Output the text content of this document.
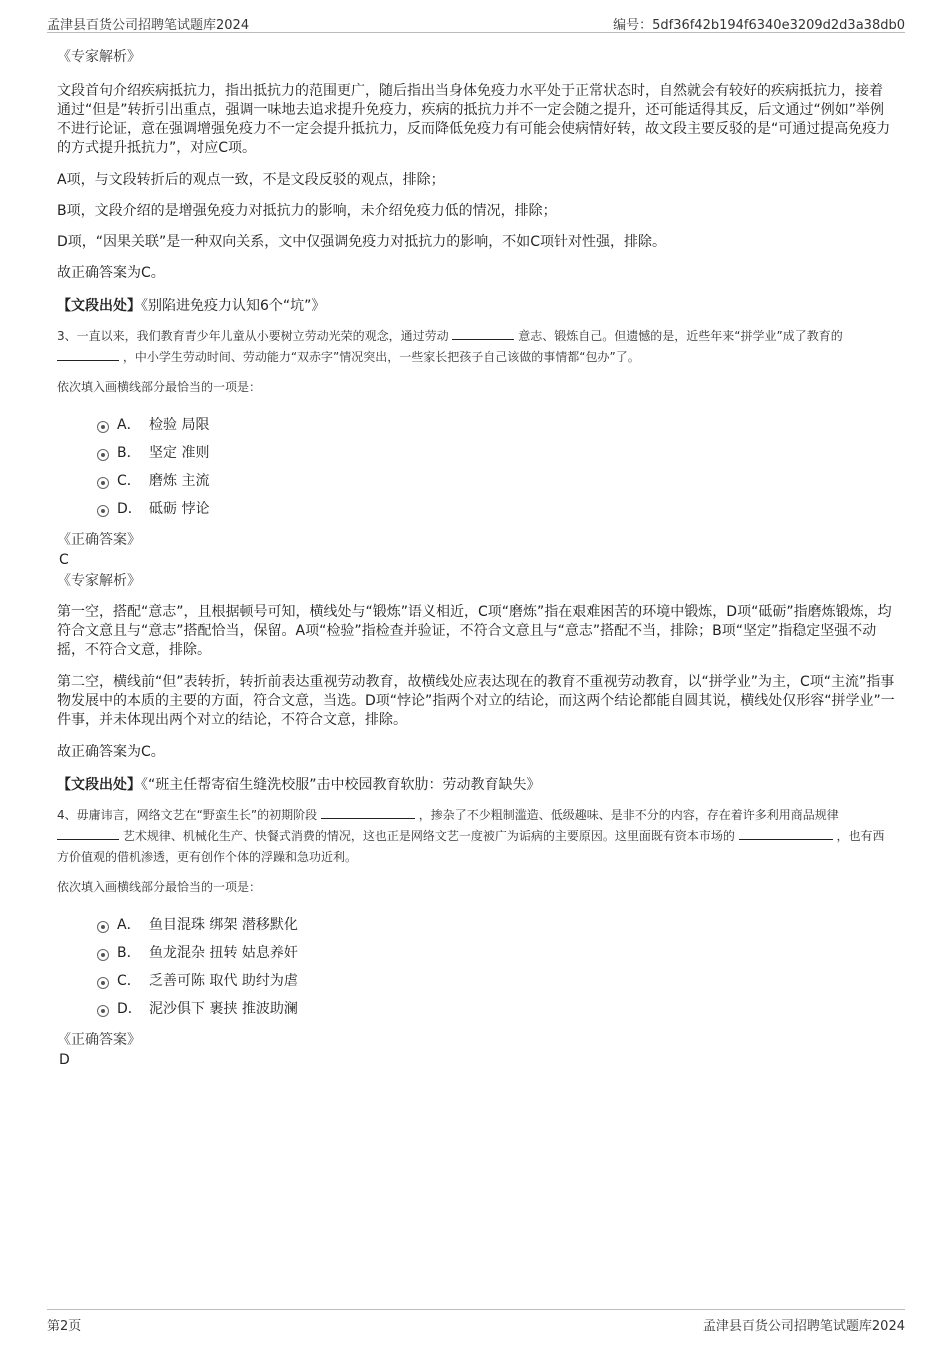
孟津县百货公司招聘笔试题库2024	编号：5df36f42b194f6340e3209d2d3a38db0

《专家解析》

文段首句介绍疾病抵抗力，指出抵抗力的范围更广，随后指出当身体免疫力水平处于正常状态时，自然就会有较好的疾病抵抗力，接着通过“但是”转折引出重点，强调一味地去追求提升免疫力，疾病的抵抗力并不一定会随之提升，还可能适得其反，后文通过“例如”举例不进行论证，意在强调增强免疫力不一定会提升抵抗力，反而降低免疫力有可能会使病情好转，故文段主要反驳的是“可通过提高免疫力的方式提升抵抗力”，对应C项。

A项，与文段转折后的观点一致，不是文段反驳的观点，排除；

B项，文段介绍的是增强免疫力对抵抗力的影响，未介绍免疫力低的情况，排除；

D项，“因果关联”是一种双向关系，文中仅强调免疫力对抵抗力的影响，不如C项针对性强，排除。

故正确答案为C。

【文段出处】《别陷进免疫力认知6个“坑”》

3、一直以来，我们教育青少年儿童从小要树立劳动光荣的观念，通过劳动	意志、锻炼自己。但遗憾的是，近些年来“拼学业”成了教育的  ，中小学生劳动时间、劳动能力“双赤字”情况突出，一些家长把孩子自己该做的事情都“包办”了。

依次填入画横线部分最恰当的一项是：

A． 检验 局限
B． 坚定 准则
C． 磨炼 主流
D． 砥砺 悖论

《正确答案》

C

《专家解析》

第一空，搭配“意志”，且根据顿号可知，横线处与“锻炼”语义相近，C项“磨炼”指在艰难困苦的环境中锻炼，D项“砥砺”指磨炼锻炼，均符合文意且与“意志”搭配恰当，保留。A项“检验”指检查并验证，不符合文意且与“意志”搭配不当，排除；B项“坚定”指稳定坚强不动摇，不符合文意，排除。

第二空，横线前“但”表转折，转折前表达重视劳动教育，故横线处应表达现在的教育不重视劳动教育，以“拼学业”为主，C项“主流”指事物发展中的本质的主要的方面，符合文意，当选。D项“悖论”指两个对立的结论，而这两个结论都能自圆其说，横线处仅形容“拼学业”一件事，并未体现出两个对立的结论，不符合文意，排除。

故正确答案为C。

【文段出处】《“班主任帮寄宿生缝洗校服”击中校园教育软肋：劳动教育缺失》

4、毋庸讳言，网络文艺在“野蛮生长”的初期阶段	，掺杂了不少粗制滥造、低级趣味、是非不分的内容，存在着许多利用商品规律  艺术规律、机械化生产、快餐式消费的情况，这也正是网络文艺一度被广为诟病的主要原因。这里面既有资本市场的	，也有西方价值观的借机渗透，更有创作个体的浮躁和急功近利。

依次填入画横线部分最恰当的一项是：

A． 鱼目混珠 绑架 潜移默化
B． 鱼龙混杂 扭转 姑息养奸
C． 乏善可陈 取代 助纣为虐
D． 泥沙俱下 裹挟 推波助澜

《正确答案》

D

第2页	孟津县百货公司招聘笔试题库2024
